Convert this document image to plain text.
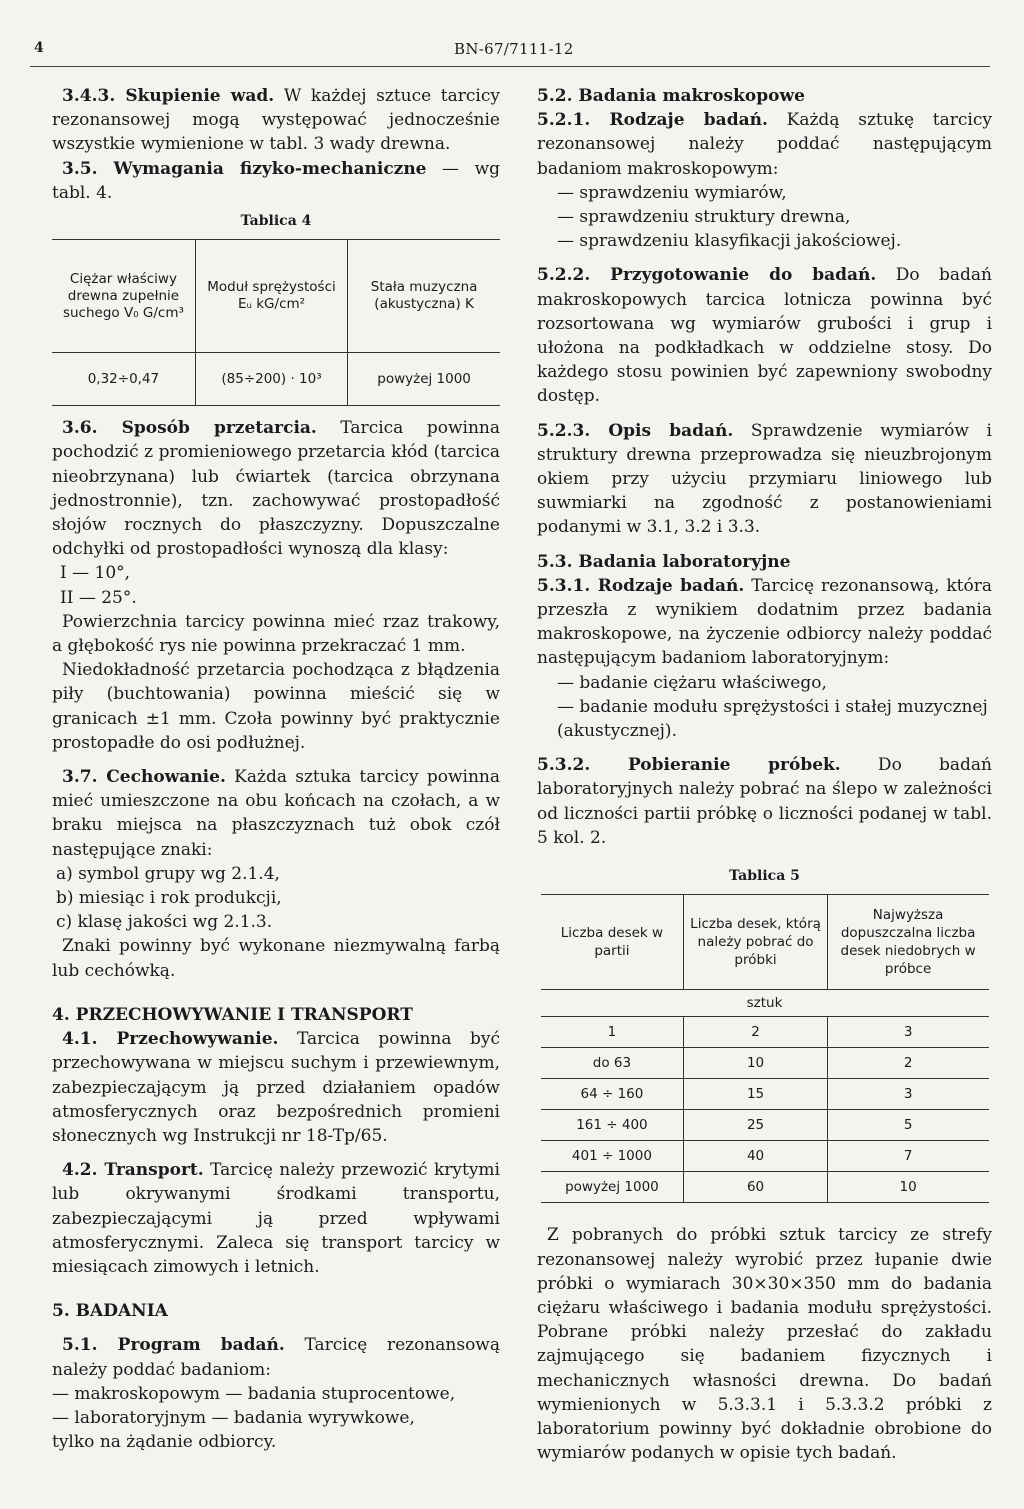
4	BN-67/7111-12

3.4.3. Skupienie wad. W każdej sztuce tarcicy rezonansowej mogą występować jednocześnie wszystkie wymienione w tabl. 3 wady drewna.

3.5. Wymagania fizyko-mechaniczne — wg tabl. 4.

Tablica 4
Ciężar właściwy drewna zupełnie suchego V₀ G/cm³	Moduł sprężystości Eᵤ kG/cm²	Stała muzyczna (akustyczna) K
0,32÷0,47	(85÷200) · 10³	powyżej 1000

3.6. Sposób przetarcia. Tarcica powinna pochodzić z promieniowego przetarcia kłód (tarcica nieobrzynana) lub ćwiartek (tarcica obrzynana jednostronnie), tzn. zachowywać prostopadłość słojów rocznych do płaszczyzny. Dopuszczalne odchyłki od prostopadłości wynoszą dla klasy:

I — 10°,

II — 25°.

Powierzchnia tarcicy powinna mieć rzaz trakowy, a głębokość rys nie powinna przekraczać 1 mm.

Niedokładność przetarcia pochodząca z błądzenia piły (buchtowania) powinna mieścić się w granicach ±1 mm. Czoła powinny być praktycznie prostopadłe do osi podłużnej.

3.7. Cechowanie. Każda sztuka tarcicy powinna mieć umieszczone na obu końcach na czołach, a w braku miejsca na płaszczyznach tuż obok czół następujące znaki:

a) symbol grupy wg 2.1.4,

b) miesiąc i rok produkcji,

c) klasę jakości wg 2.1.3.

Znaki powinny być wykonane niezmywalną farbą lub cechówką.

4. PRZECHOWYWANIE I TRANSPORT

4.1. Przechowywanie. Tarcica powinna być przechowywana w miejscu suchym i przewiewnym, zabezpieczającym ją przed działaniem opadów atmosferycznych oraz bezpośrednich promieni słonecznych wg Instrukcji nr 18-Tp/65.

4.2. Transport. Tarcicę należy przewozić krytymi lub okrywanymi środkami transportu, zabezpieczającymi ją przed wpływami atmosferycznymi. Zaleca się transport tarcicy w miesiącach zimowych i letnich.

5. BADANIA

5.1. Program badań. Tarcicę rezonansową należy poddać badaniom:

— makroskopowym — badania stuprocentowe,

— laboratoryjnym — badania wyrywkowe,

tylko na żądanie odbiorcy.

5.2. Badania makroskopowe

5.2.1. Rodzaje badań. Każdą sztukę tarcicy rezonansowej należy poddać następującym badaniom makroskopowym:

— sprawdzeniu wymiarów,

— sprawdzeniu struktury drewna,

— sprawdzeniu klasyfikacji jakościowej.

5.2.2. Przygotowanie do badań. Do badań makroskopowych tarcica lotnicza powinna być rozsortowana wg wymiarów grubości i grup i ułożona na podkładkach w oddzielne stosy. Do każdego stosu powinien być zapewniony swobodny dostęp.

5.2.3. Opis badań. Sprawdzenie wymiarów i struktury drewna przeprowadza się nieuzbrojonym okiem przy użyciu przymiaru liniowego lub suwmiarki na zgodność z postanowieniami podanymi w 3.1, 3.2 i 3.3.

5.3. Badania laboratoryjne

5.3.1. Rodzaje badań. Tarcicę rezonansową, która przeszła z wynikiem dodatnim przez badania makroskopowe, na życzenie odbiorcy należy poddać następującym badaniom laboratoryjnym:

— badanie ciężaru właściwego,

— badanie modułu sprężystości i stałej muzycznej (akustycznej).

5.3.2. Pobieranie próbek. Do badań laboratoryjnych należy pobrać na ślepo w zależności od liczności partii próbkę o liczności podanej w tabl. 5 kol. 2.

Tablica 5
Liczba desek w partii	Liczba desek, którą należy pobrać do próbki	Najwyższa dopuszczalna liczba desek niedobrych w próbce
sztuk		
1	2	3
do 63	10	2
64 ÷ 160	15	3
161 ÷ 400	25	5
401 ÷ 1000	40	7
powyżej 1000	60	10

Z pobranych do próbki sztuk tarcicy ze strefy rezonansowej należy wyrobić przez łupanie dwie próbki o wymiarach 30×30×350 mm do badania ciężaru właściwego i badania modułu sprężystości. Pobrane próbki należy przesłać do zakładu zajmującego się badaniem fizycznych i mechanicznych własności drewna. Do badań wymienionych w 5.3.3.1 i 5.3.3.2 próbki z laboratorium powinny być dokładnie obrobione do wymiarów podanych w opisie tych badań.
